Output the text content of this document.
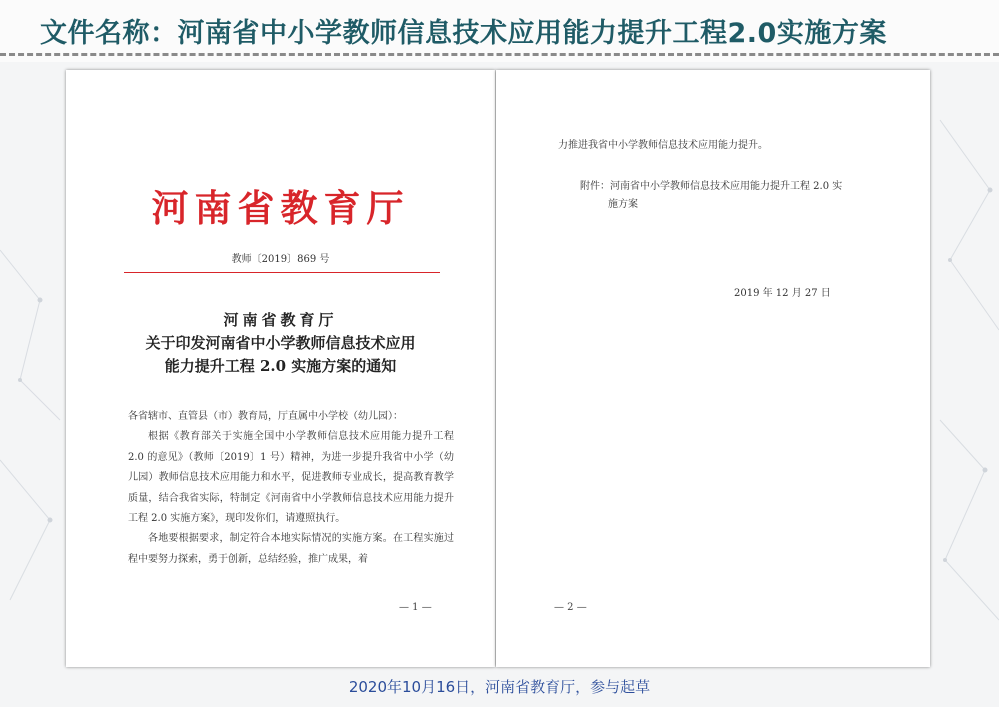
文件名称：河南省中小学教师信息技术应用能力提升工程2.0实施方案
河南省教育厅
教师〔2019〕869 号
河南省教育厅
关于印发河南省中小学教师信息技术应用
能力提升工程 2.0 实施方案的通知

各省辖市、直管县（市）教育局，厅直属中小学校（幼儿园）：

根据《教育部关于实施全国中小学教师信息技术应用能力提升工程 2.0 的意见》（教师〔2019〕1 号）精神，为进一步提升我省中小学（幼儿园）教师信息技术应用能力和水平，促进教师专业成长，提高教育教学质量，结合我省实际，特制定《河南省中小学教师信息技术应用能力提升工程 2.0 实施方案》，现印发你们，请遵照执行。

各地要根据要求，制定符合本地实际情况的实施方案。在工程实施过程中要努力探索，勇于创新，总结经验，推广成果，着

— 1 —
力推进我省中小学教师信息技术应用能力提升。
附件：河南省中小学教师信息技术应用能力提升工程 2.0 实
施方案
2019 年 12 月 27 日
— 2 —
2020年10月16日，河南省教育厅，参与起草
